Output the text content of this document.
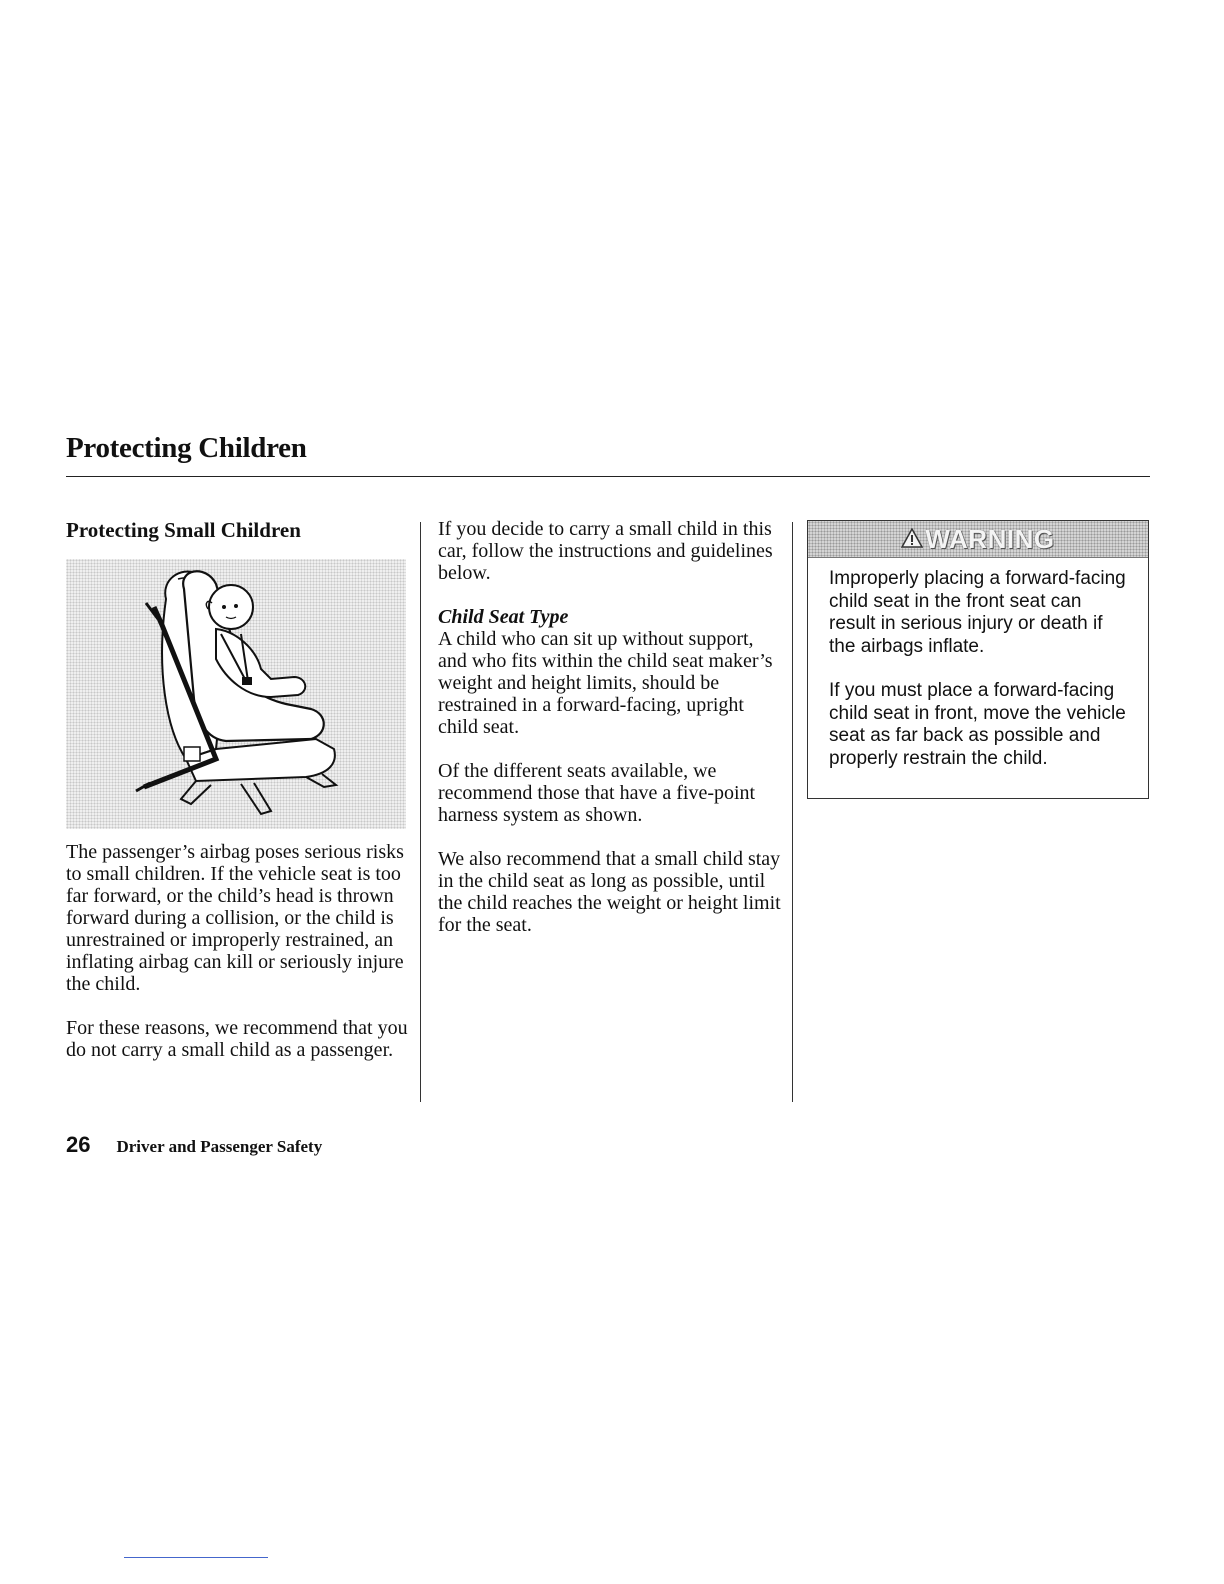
Protecting Children
Protecting Small Children

The passenger’s airbag poses serious risks to small children. If the vehicle seat is too far forward, or the child’s head is thrown forward during a collision, or the child is unrestrained or improperly restrained, an inflating airbag can kill or seriously injure the child.

For these reasons, we recommend that you do not carry a small child as a passenger.

If you decide to carry a small child in this car, follow the instructions and guidelines below.

Child Seat Type

A child who can sit up without support, and who fits within the child seat maker’s weight and height limits, should be restrained in a forward-facing, upright child seat.

Of the different seats available, we recommend those that have a five-point harness system as shown.

We also recommend that a small child stay in the child seat as long as possible, until the child reaches the weight or height limit for the seat.

WARNING

Improperly placing a forward-facing child seat in the front seat can result in serious injury or death if the airbags inflate.

If you must place a forward-facing child seat in front, move the vehicle seat as far back as possible and properly restrain the child.

26 Driver and Passenger Safety
